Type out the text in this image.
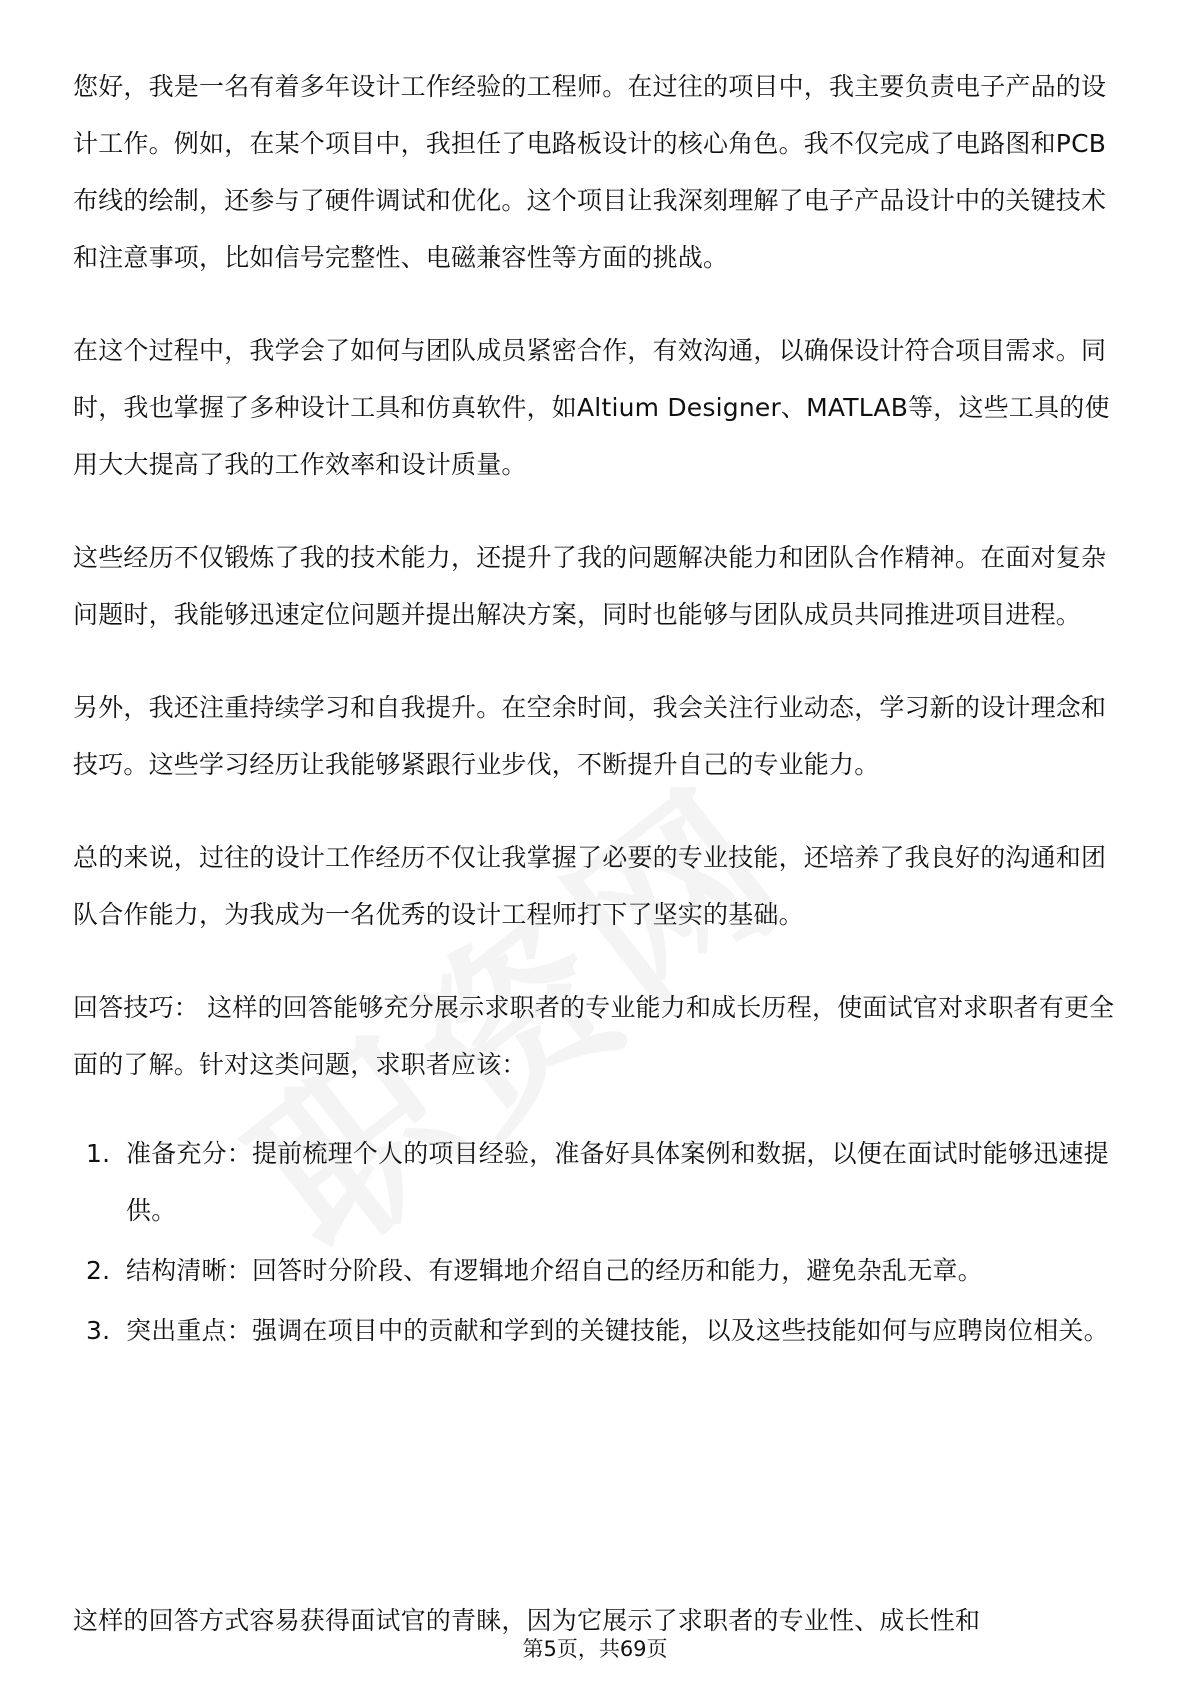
您好，我是一名有着多年设计工作经验的工程师。在过往的项目中，我主要负责电子产品的设计工作。例如，在某个项目中，我担任了电路板设计的核心角色。我不仅完成了电路图和PCB布线的绘制，还参与了硬件调试和优化。这个项目让我深刻理解了电子产品设计中的关键技术和注意事项，比如信号完整性、电磁兼容性等方面的挑战。

在这个过程中，我学会了如何与团队成员紧密合作，有效沟通，以确保设计符合项目需求。同时，我也掌握了多种设计工具和仿真软件，如Altium Designer、MATLAB等，这些工具的使用大大提高了我的工作效率和设计质量。

这些经历不仅锻炼了我的技术能力，还提升了我的问题解决能力和团队合作精神。在面对复杂问题时，我能够迅速定位问题并提出解决方案，同时也能够与团队成员共同推进项目进程。

另外，我还注重持续学习和自我提升。在空余时间，我会关注行业动态，学习新的设计理念和技巧。这些学习经历让我能够紧跟行业步伐，不断提升自己的专业能力。

总的来说，过往的设计工作经历不仅让我掌握了必要的专业技能，还培养了我良好的沟通和团队合作能力，为我成为一名优秀的设计工程师打下了坚实的基础。

回答技巧： 这样的回答能够充分展示求职者的专业能力和成长历程，使面试官对求职者有更全面的了解。针对这类问题，求职者应该：

1. 准备充分：提前梳理个人的项目经验，准备好具体案例和数据，以便在面试时能够迅速提供。
2. 结构清晰：回答时分阶段、有逻辑地介绍自己的经历和能力，避免杂乱无章。
3. 突出重点：强调在项目中的贡献和学到的关键技能，以及这些技能如何与应聘岗位相关。
这样的回答方式容易获得面试官的青睐，因为它展示了求职者的专业性、成长性和
第5页，共69页
